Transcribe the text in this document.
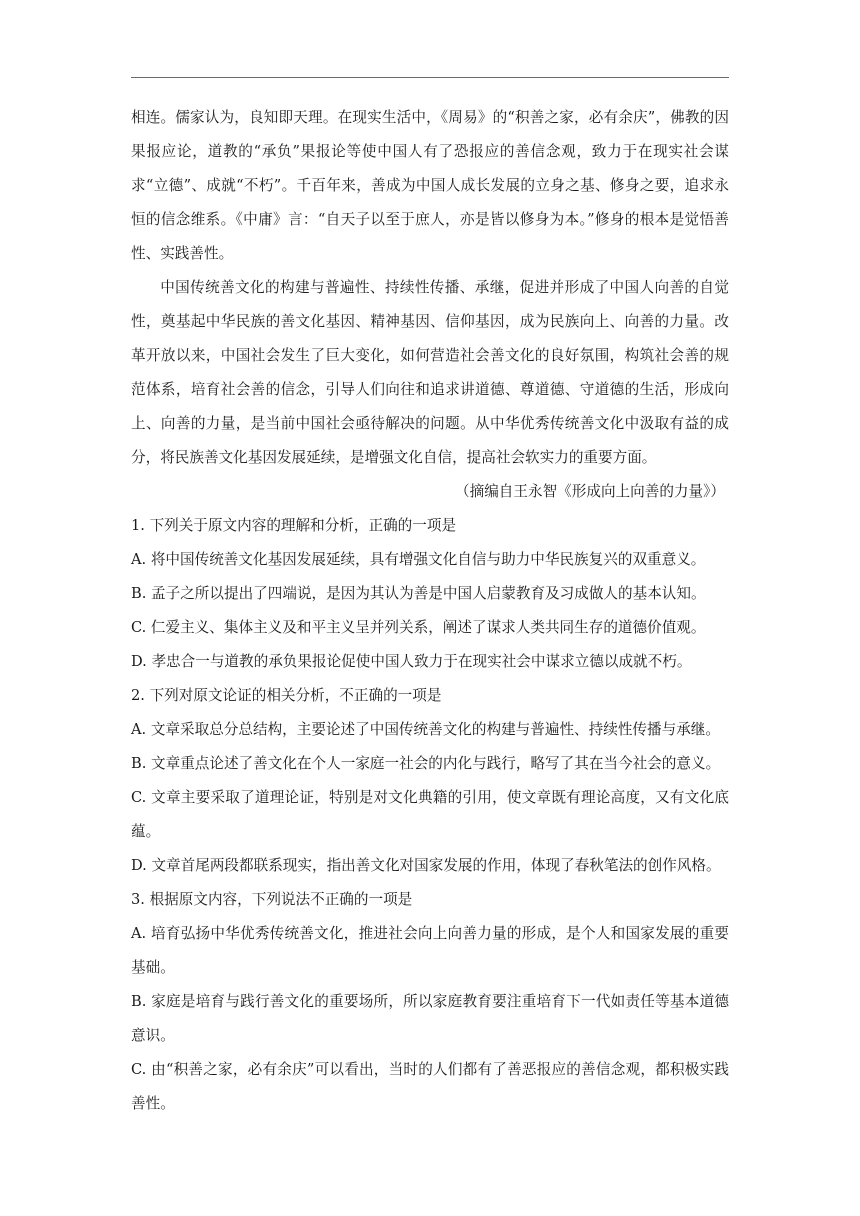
相连。儒家认为，良知即天理。在现实生活中，《周易》的“积善之家，必有余庆”，佛教的因果报应论，道教的“承负”果报论等使中国人有了恐报应的善信念观，致力于在现实社会谋求“立德”、成就“不朽”。千百年来，善成为中国人成长发展的立身之基、修身之要，追求永恒的信念维系。《中庸》言：“自天子以至于庶人，亦是皆以修身为本。”修身的根本是觉悟善性、实践善性。

中国传统善文化的构建与普遍性、持续性传播、承继，促进并形成了中国人向善的自觉性，奠基起中华民族的善文化基因、精神基因、信仰基因，成为民族向上、向善的力量。改革开放以来，中国社会发生了巨大变化，如何营造社会善文化的良好氛围，构筑社会善的规范体系，培育社会善的信念，引导人们向往和追求讲道德、尊道德、守道德的生活，形成向上、向善的力量，是当前中国社会亟待解决的问题。从中华优秀传统善文化中汲取有益的成分，将民族善文化基因发展延续，是增强文化自信，提高社会软实力的重要方面。

（摘编自王永智《形成向上向善的力量》）

1. 下列关于原文内容的理解和分析，正确的一项是

A. 将中国传统善文化基因发展延续，具有增强文化自信与助力中华民族复兴的双重意义。

B. 孟子之所以提出了四端说，是因为其认为善是中国人启蒙教育及习成做人的基本认知。

C. 仁爱主义、集体主义及和平主义呈并列关系，阐述了谋求人类共同生存的道德价值观。

D. 孝忠合一与道教的承负果报论促使中国人致力于在现实社会中谋求立德以成就不朽。

2. 下列对原文论证的相关分析，不正确的一项是

A. 文章采取总分总结构，主要论述了中国传统善文化的构建与普遍性、持续性传播与承继。

B. 文章重点论述了善文化在个人一家庭一社会的内化与践行，略写了其在当今社会的意义。

C. 文章主要采取了道理论证，特别是对文化典籍的引用，使文章既有理论高度，又有文化底蕴。

D. 文章首尾两段都联系现实，指出善文化对国家发展的作用，体现了春秋笔法的创作风格。

3. 根据原文内容，下列说法不正确的一项是

A. 培育弘扬中华优秀传统善文化，推进社会向上向善力量的形成，是个人和国家发展的重要基础。

B. 家庭是培育与践行善文化的重要场所，所以家庭教育要注重培育下一代如责任等基本道德意识。

C. 由“积善之家，必有余庆”可以看出，当时的人们都有了善恶报应的善信念观，都积极实践善性。
